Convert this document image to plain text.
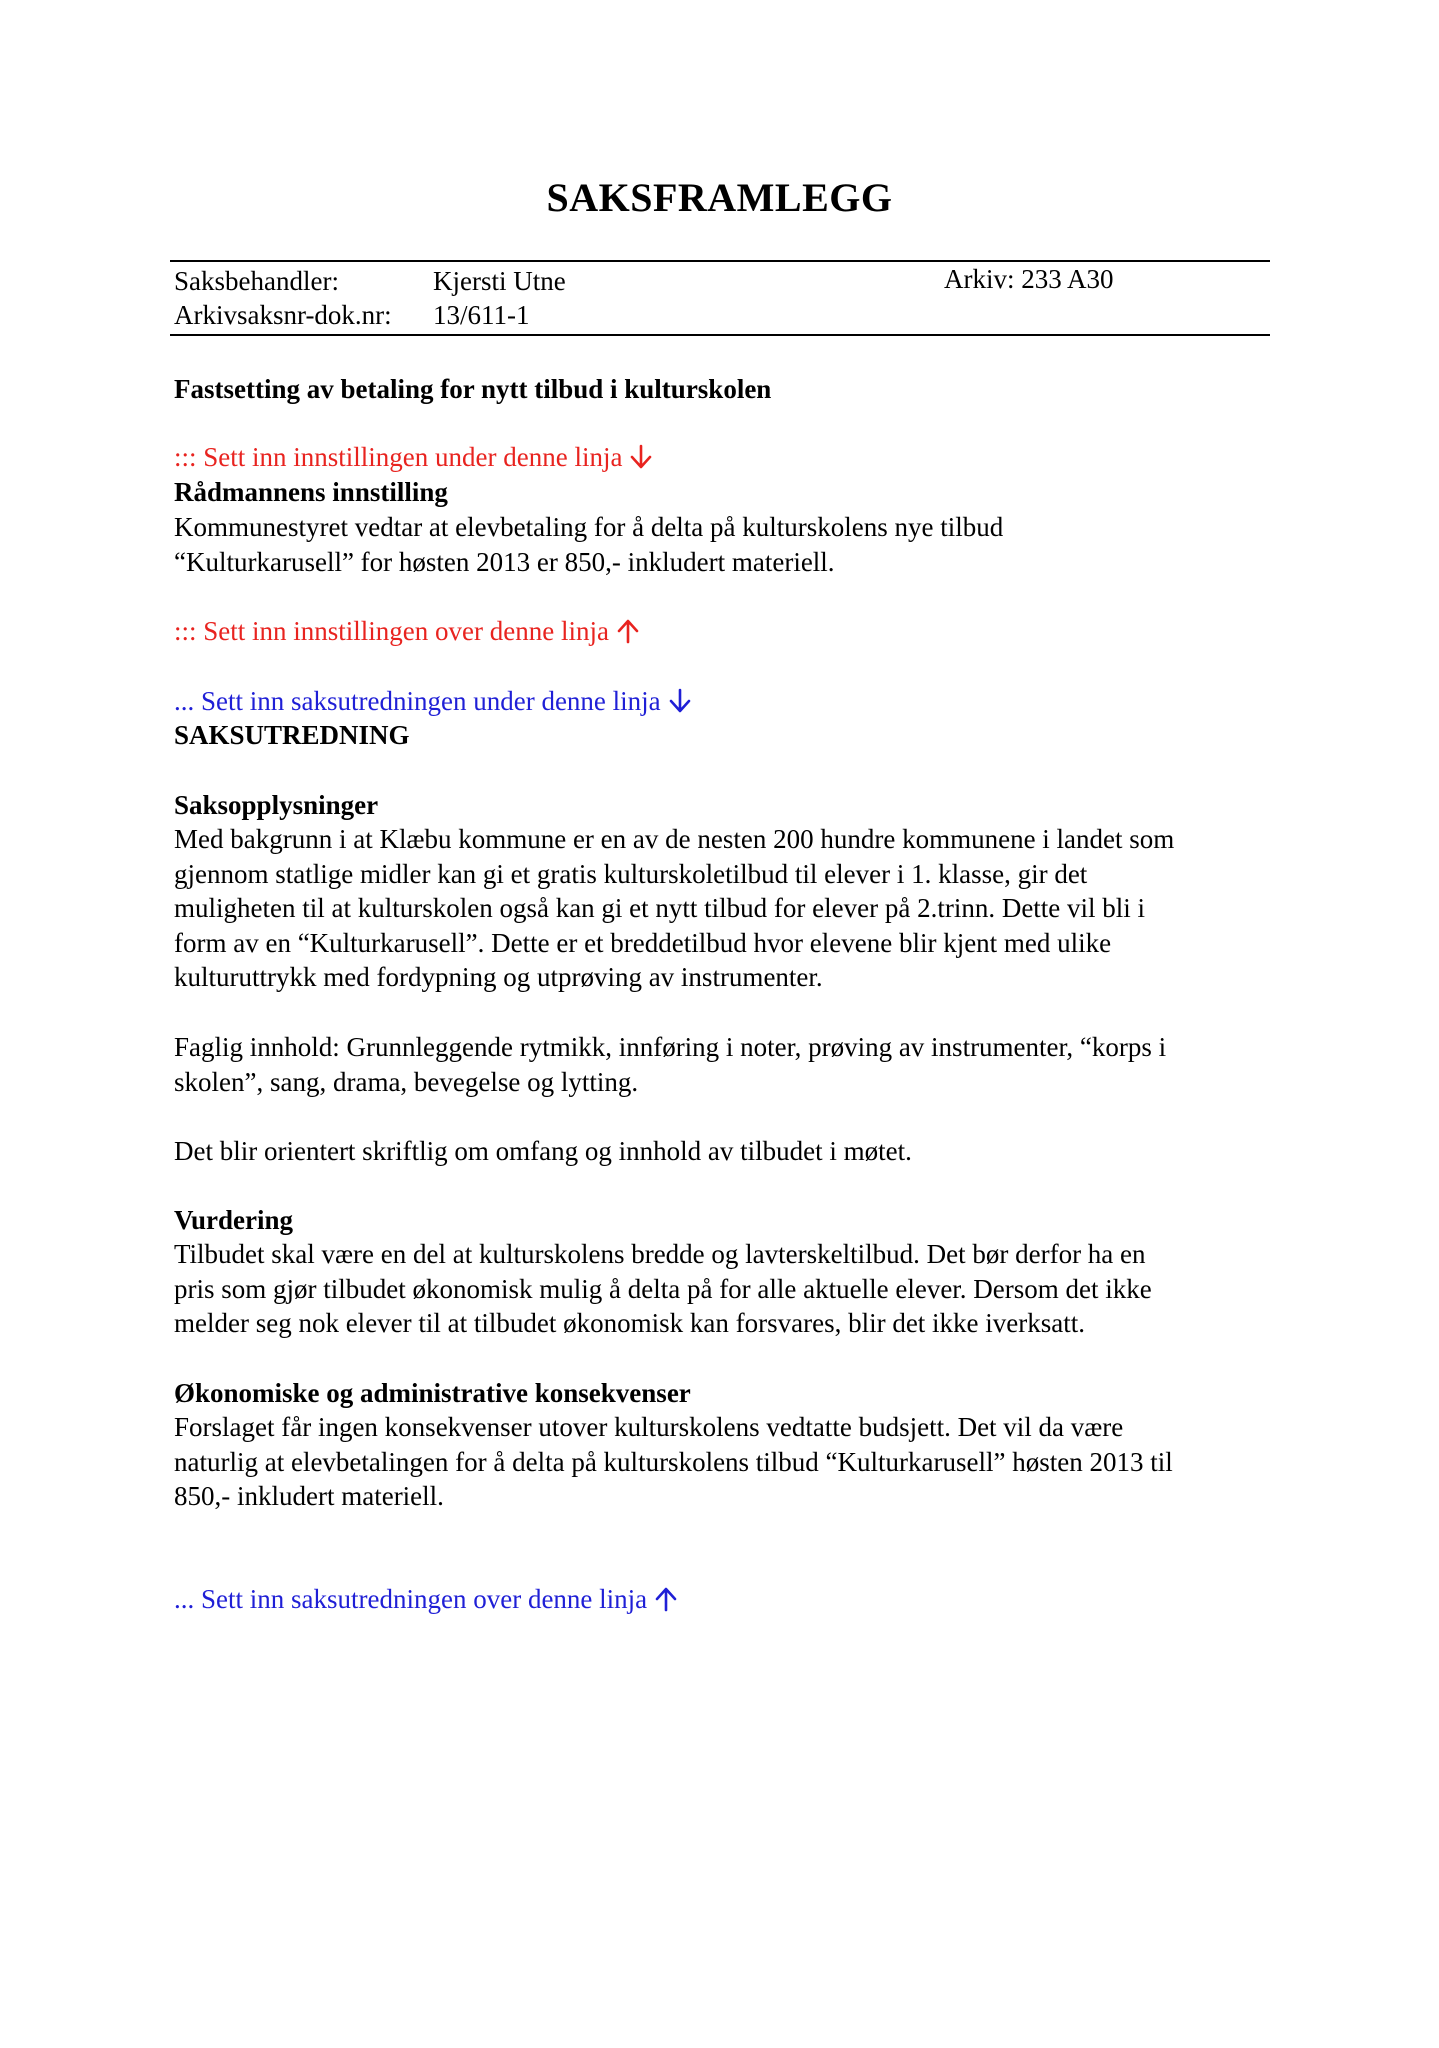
SAKSFRAMLEGG
Saksbehandler:	Kjersti Utne	Arkiv: 233 A30
Arkivsaksnr-dok.nr: 13/611-1
Fastsetting av betaling for nytt tilbud i kulturskolen
::: Sett inn innstillingen under denne linja
Rådmannens innstilling

Kommunestyret vedtar at elevbetaling for å delta på kulturskolens nye tilbud

“Kulturkarusell” for høsten 2013 er 850,- inkludert materiell.

::: Sett inn innstillingen over denne linja
... Sett inn saksutredningen under denne linja
SAKSUTREDNING
Saksopplysninger

Med bakgrunn i at Klæbu kommune er en av de nesten 200 hundre kommunene i landet som

gjennom statlige midler kan gi et gratis kulturskoletilbud til elever i 1. klasse, gir det

muligheten til at kulturskolen også kan gi et nytt tilbud for elever på 2.trinn. Dette vil bli i

form av en “Kulturkarusell”. Dette er et breddetilbud hvor elevene blir kjent med ulike

kulturuttrykk med fordypning og utprøving av instrumenter.

Faglig innhold: Grunnleggende rytmikk, innføring i noter, prøving av instrumenter, “korps i

skolen”, sang, drama, bevegelse og lytting.

Det blir orientert skriftlig om omfang og innhold av tilbudet i møtet.
Vurdering

Tilbudet skal være en del at kulturskolens bredde og lavterskeltilbud. Det bør derfor ha en

pris som gjør tilbudet økonomisk mulig å delta på for alle aktuelle elever. Dersom det ikke

melder seg nok elever til at tilbudet økonomisk kan forsvares, blir det ikke iverksatt.

Økonomiske og administrative konsekvenser

Forslaget får ingen konsekvenser utover kulturskolens vedtatte budsjett. Det vil da være

naturlig at elevbetalingen for å delta på kulturskolens tilbud “Kulturkarusell” høsten 2013 til

850,- inkludert materiell.

... Sett inn saksutredningen over denne linja
